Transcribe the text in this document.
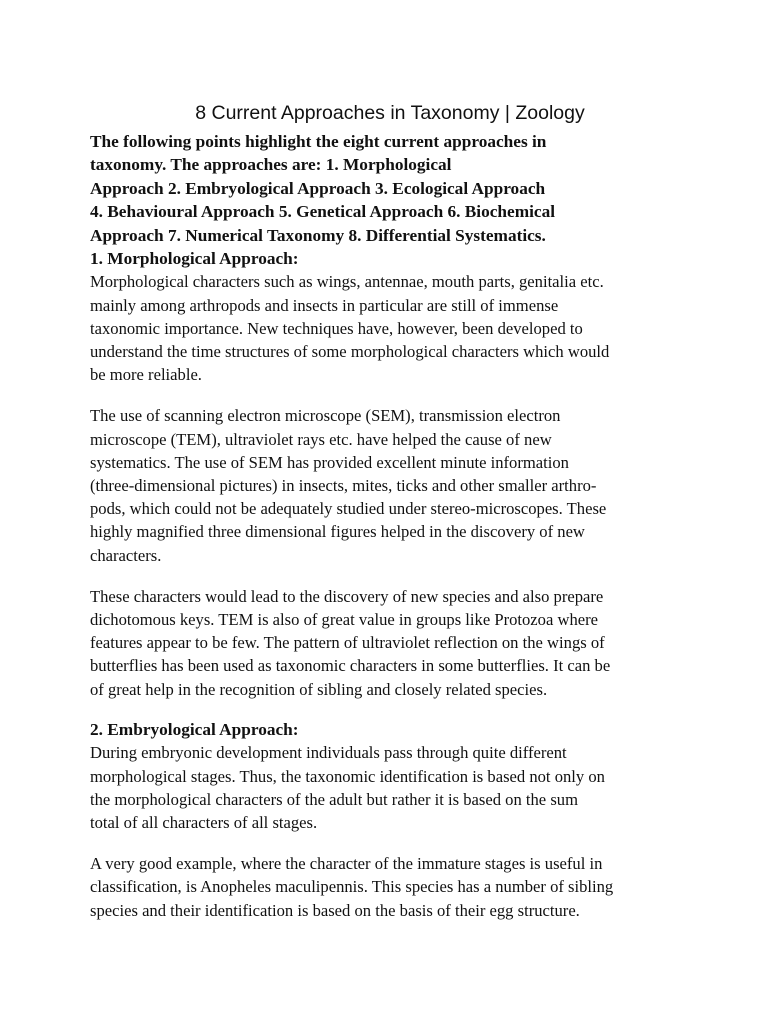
8 Current Approaches in Taxonomy | Zoology

The following points highlight the eight current approaches in
taxonomy. The approaches are: 1. Morphological
Approach 2. Embryological Approach 3. Ecological Approach
4. Behavioural Approach 5. Genetical Approach 6. Biochemical
Approach 7. Numerical Taxonomy 8. Differential Systematics.

1. Morphological Approach:

Morphological characters such as wings, antennae, mouth parts, genitalia etc.
mainly among arthropods and insects in particular are still of immense
taxonomic importance. New techniques have, however, been developed to
understand the time structures of some morphological characters which would
be more reliable.

The use of scanning electron microscope (SEM), transmission electron
microscope (TEM), ultraviolet rays etc. have helped the cause of new
systematics. The use of SEM has provided excellent minute information
(three-dimensional pictures) in insects, mites, ticks and other smaller arthro-
pods, which could not be adequately studied under stereo-microscopes. These
highly magnified three dimensional figures helped in the discovery of new
characters.

These characters would lead to the discovery of new species and also prepare
dichotomous keys. TEM is also of great value in groups like Protozoa where
features appear to be few. The pattern of ultraviolet reflection on the wings of
butterflies has been used as taxonomic characters in some butterflies. It can be
of great help in the recognition of sibling and closely related species.

2. Embryological Approach:

During embryonic development individuals pass through quite different
morphological stages. Thus, the taxonomic identification is based not only on
the morphological characters of the adult but rather it is based on the sum
total of all characters of all stages.

A very good example, where the character of the immature stages is useful in
classification, is Anopheles maculipennis. This species has a number of sibling
species and their identification is based on the basis of their egg structure.
